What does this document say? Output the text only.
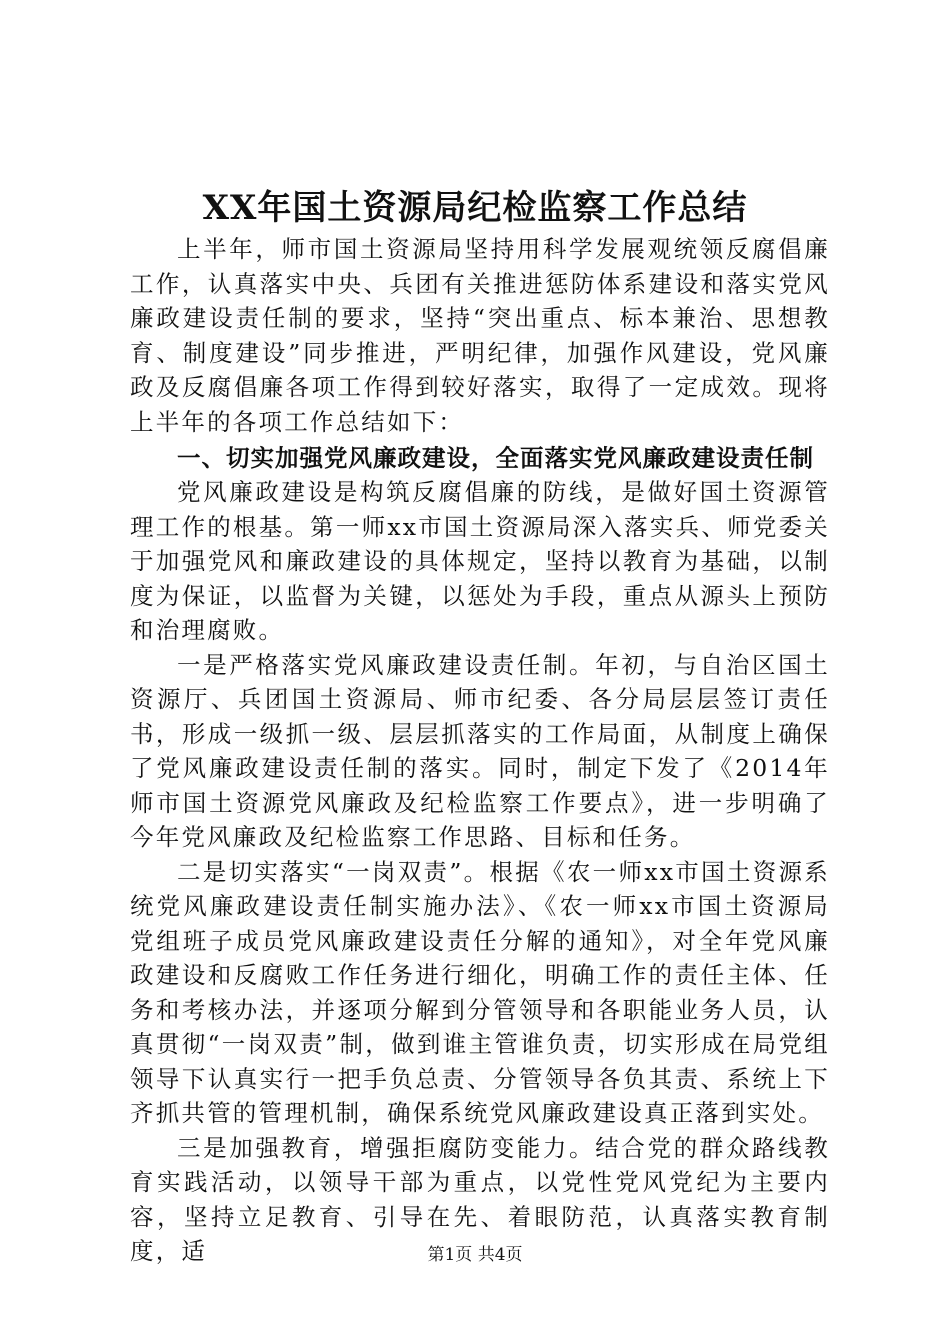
XX年国土资源局纪检监察工作总结

上半年，师市国土资源局坚持用科学发展观统领反腐倡廉工作，认真落实中央、兵团有关推进惩防体系建设和落实党风廉政建设责任制的要求，坚持“突出重点、标本兼治、思想教育、制度建设”同步推进，严明纪律，加强作风建设，党风廉政及反腐倡廉各项工作得到较好落实，取得了一定成效。现将上半年的各项工作总结如下：

一、切实加强党风廉政建设，全面落实党风廉政建设责任制

党风廉政建设是构筑反腐倡廉的防线，是做好国土资源管理工作的根基。第一师xx市国土资源局深入落实兵、师党委关于加强党风和廉政建设的具体规定，坚持以教育为基础，以制度为保证，以监督为关键，以惩处为手段，重点从源头上预防和治理腐败。

一是严格落实党风廉政建设责任制。年初，与自治区国土资源厅、兵团国土资源局、师市纪委、各分局层层签订责任书，形成一级抓一级、层层抓落实的工作局面，从制度上确保了党风廉政建设责任制的落实。同时，制定下发了《2014年师市国土资源党风廉政及纪检监察工作要点》，进一步明确了今年党风廉政及纪检监察工作思路、目标和任务。

二是切实落实“一岗双责”。根据《农一师xx市国土资源系统党风廉政建设责任制实施办法》、《农一师xx市国土资源局党组班子成员党风廉政建设责任分解的通知》，对全年党风廉政建设和反腐败工作任务进行细化，明确工作的责任主体、任务和考核办法，并逐项分解到分管领导和各职能业务人员，认真贯彻“一岗双责”制，做到谁主管谁负责，切实形成在局党组领导下认真实行一把手负总责、分管领导各负其责、系统上下齐抓共管的管理机制，确保系统党风廉政建设真正落到实处。

三是加强教育，增强拒腐防变能力。结合党的群众路线教育实践活动，以领导干部为重点，以党性党风党纪为主要内容，坚持立足教育、引导在先、着眼防范，认真落实教育制度，适	第1页 共4页
